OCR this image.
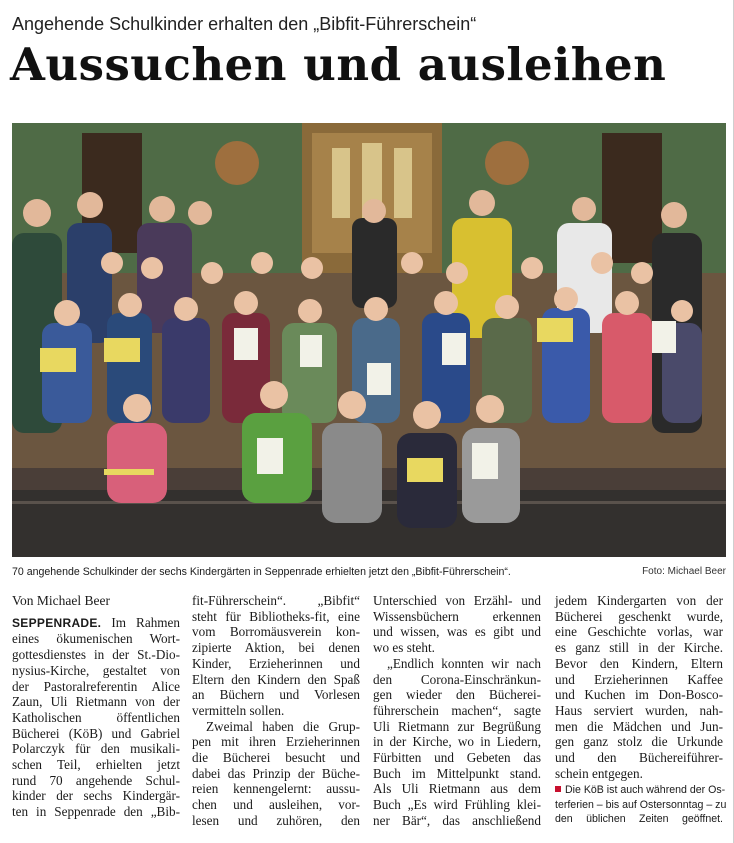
Angehende Schulkinder erhalten den „Bibfit-Führerschein“
Aussuchen und ausleihen
70 angehende Schulkinder der sechs Kindergärten in Seppenrade erhielten jetzt den „Bibfit-Führerschein“.	Foto: Michael Beer
Von Michael Beer
SEPPENRADE. Im Rahmen
eines ökumenischen Wort-
gottesdienstes in der St.-Dio-
nysius-Kirche, gestaltet von
der Pastoralreferentin Alice
Zaun, Uli Rietmann von der
Katholischen öffentlichen
Bücherei (KöB) und Gabriel
Polarczyk für den musikali-
schen Teil, erhielten jetzt
rund 70 angehende Schul-
kinder der sechs Kindergär-
ten in Seppenrade den „Bib-
fit-Führerschein“. „Bibfit“
steht für Bibliotheks-fit, eine
vom Borromäusverein kon-
zipierte Aktion, bei denen
Kinder, Erzieherinnen und
Eltern den Kindern den Spaß
an Büchern und Vorlesen
vermitteln sollen.
Zweimal haben die Grup-
pen mit ihren Erzieherinnen
die Bücherei besucht und
dabei das Prinzip der Büche-
reien kennengelernt: aussu-
chen und ausleihen, vor-
lesen und zuhören, den
Unterschied von Erzähl- und
Wissensbüchern erkennen
und wissen, was es gibt und
wo es steht.
„Endlich konnten wir nach
den Corona-Einschränkun-
gen wieder den Bücherei-
führerschein machen“, sagte
Uli Rietmann zur Begrüßung
in der Kirche, wo in Liedern,
Fürbitten und Gebeten das
Buch im Mittelpunkt stand.
Als Uli Rietmann aus dem
Buch „Es wird Frühling klei-
ner Bär“, das anschließend
jedem Kindergarten von der
Bücherei geschenkt wurde,
eine Geschichte vorlas, war
es ganz still in der Kirche.
Bevor den Kindern, Eltern
und Erzieherinnen Kaffee
und Kuchen im Don-Bosco-
Haus serviert wurden, nah-
men die Mädchen und Jun-
gen ganz stolz die Urkunde
und den Büchereiführer-
schein entgegen.
Die KöB ist auch während der Os-
terferien – bis auf Ostersonntag – zu
den üblichen Zeiten geöffnet.
